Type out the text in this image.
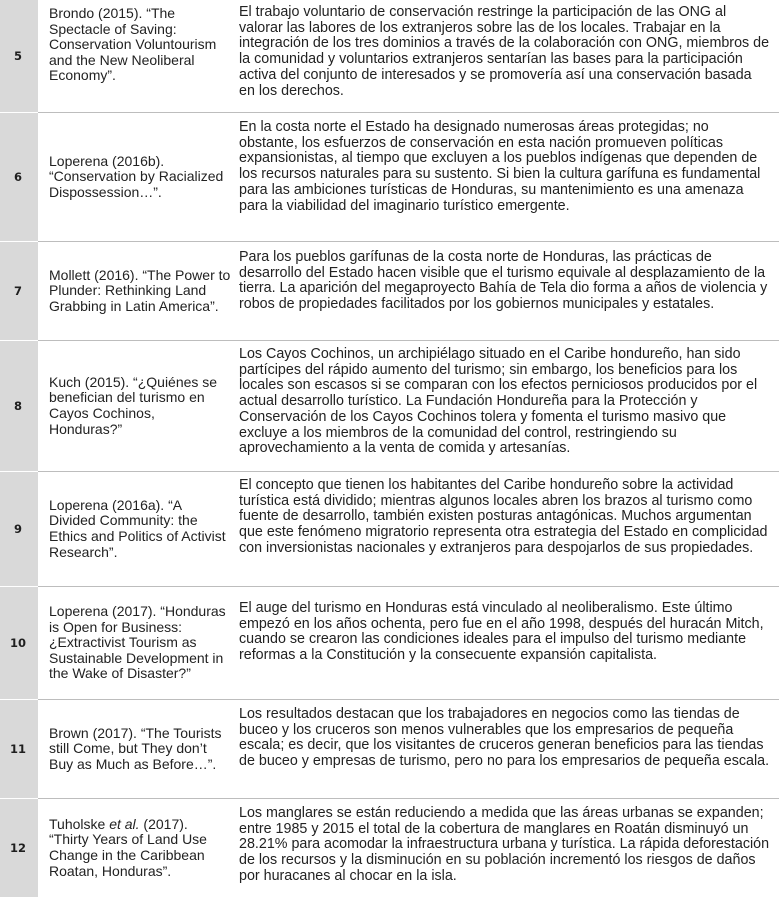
5
Brondo (2015). “The Spectacle of Saving: Conservation Voluntourism and the New Neoliberal Economy”.
El trabajo voluntario de conservación restringe la participación de las ONG al valorar las labores de los extranjeros sobre las de los locales. Trabajar en la integración de los tres dominios a través de la colaboración con ONG, miembros de la comunidad y voluntarios extranjeros sentarían las bases para la participación activa del conjunto de interesados y se promovería así una conservación basada en los derechos.
6
Loperena (2016b). “Conservation by Racialized Dispossession…”.
En la costa norte el Estado ha designado numerosas áreas protegidas; no obstante, los esfuerzos de conservación en esta nación promueven políticas expansionistas, al tiempo que excluyen a los pueblos indígenas que dependen de los recursos naturales para su sustento. Si bien la cultura garífuna es fundamental para las ambiciones turísticas de Honduras, su mantenimiento es una amenaza para la viabilidad del imaginario turístico emergente.
7
Mollett (2016). “The Power to Plunder: Rethinking Land Grabbing in Latin America”.
Para los pueblos garífunas de la costa norte de Honduras, las prácticas de desarrollo del Estado hacen visible que el turismo equivale al desplazamiento de la tierra. La aparición del megaproyecto Bahía de Tela dio forma a años de violencia y robos de propiedades facilitados por los gobiernos municipales y estatales.
8
Kuch (2015). “¿Quiénes se benefician del turismo en Cayos Cochinos, Honduras?”
Los Cayos Cochinos, un archipiélago situado en el Caribe hondureño, han sido partícipes del rápido aumento del turismo; sin embargo, los beneficios para los locales son escasos si se comparan con los efectos perniciosos producidos por el actual desarrollo turístico. La Fundación Hondureña para la Protección y Conservación de los Cayos Cochinos tolera y fomenta el turismo masivo que excluye a los miembros de la comunidad del control, restringiendo su aprovechamiento a la venta de comida y artesanías.
9
Loperena (2016a). “A Divided Community: the Ethics and Politics of Activist Research”.
El concepto que tienen los habitantes del Caribe hondureño sobre la actividad turística está dividido; mientras algunos locales abren los brazos al turismo como fuente de desarrollo, también existen posturas antagónicas. Muchos argumentan que este fenómeno migratorio representa otra estrategia del Estado en complicidad con inversionistas nacionales y extranjeros para despojarlos de sus propiedades.
10
Loperena (2017). “Honduras is Open for Business: ¿Extractivist Tourism as Sustainable Development in the Wake of Disaster?”
El auge del turismo en Honduras está vinculado al neoliberalismo. Este último empezó en los años ochenta, pero fue en el año 1998, después del huracán Mitch, cuando se crearon las condiciones ideales para el impulso del turismo mediante reformas a la Constitución y la consecuente expansión capitalista.
11
Brown (2017). “The Tourists still Come, but They don’t Buy as Much as Before…”.
Los resultados destacan que los trabajadores en negocios como las tiendas de buceo y los cruceros son menos vulnerables que los empresarios de pequeña escala; es decir, que los visitantes de cruceros generan beneficios para las tiendas de buceo y empresas de turismo, pero no para los empresarios de pequeña escala.
12
Tuholske et al. (2017). “Thirty Years of Land Use Change in the Caribbean Roatan, Honduras”.
Los manglares se están reduciendo a medida que las áreas urbanas se expanden; entre 1985 y 2015 el total de la cobertura de manglares en Roatán disminuyó un 28.21% para acomodar la infraestructura urbana y turística. La rápida deforestación de los recursos y la disminución en su población incrementó los riesgos de daños por huracanes al chocar en la isla.
